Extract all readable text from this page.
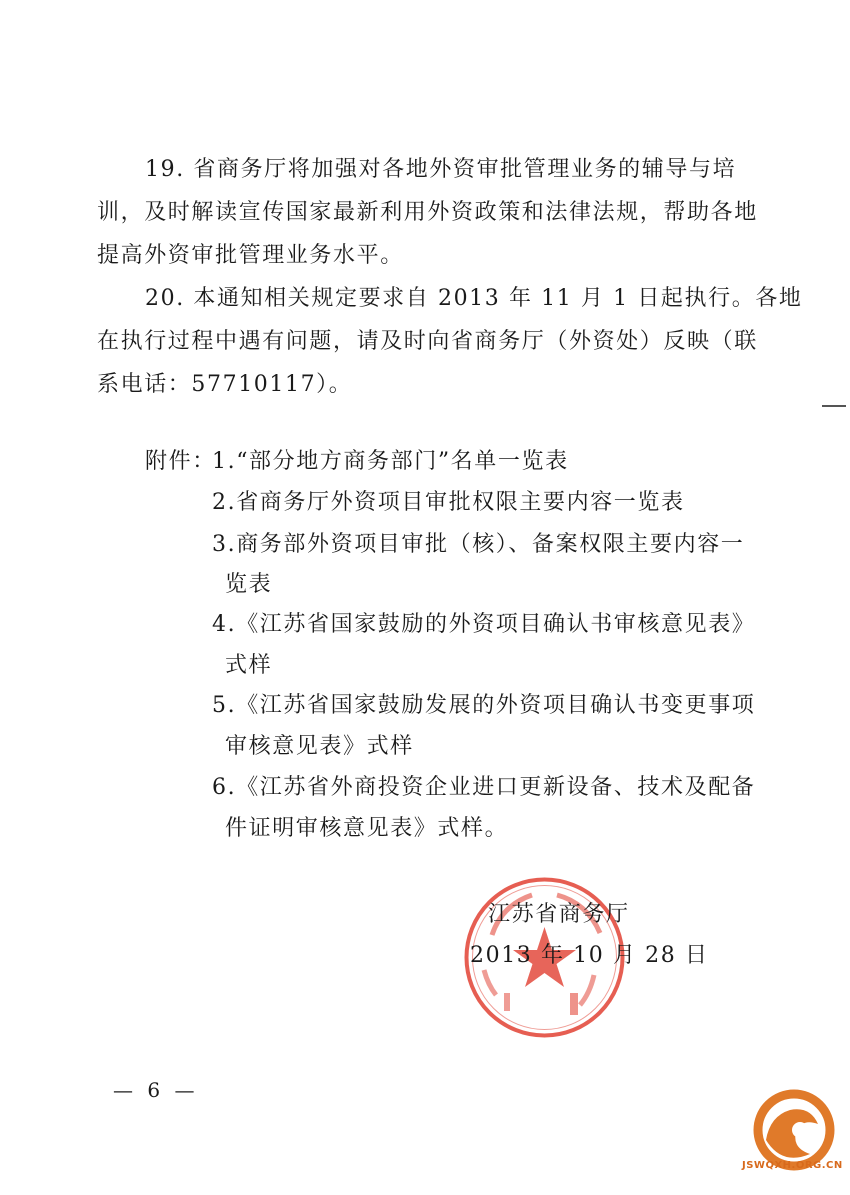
19. 省商务厅将加强对各地外资审批管理业务的辅导与培
训，及时解读宣传国家最新利用外资政策和法律法规，帮助各地
提高外资审批管理业务水平。
20. 本通知相关规定要求自 2013 年 11 月 1 日起执行。各地
在执行过程中遇有问题，请及时向省商务厅（外资处）反映（联
系电话：57710117）。
附件：
1.“部分地方商务部门”名单一览表
2.省商务厅外资项目审批权限主要内容一览表
3.商务部外资项目审批（核）、备案权限主要内容一
览表
4.《江苏省国家鼓励的外资项目确认书审核意见表》
式样
5.《江苏省国家鼓励发展的外资项目确认书变更事项
审核意见表》式样
6.《江苏省外商投资企业进口更新设备、技术及配备
件证明审核意见表》式样。
江苏省商务厅
2013 年 10 月 28 日
— 6 —
JSWQXH.ORG.CN
